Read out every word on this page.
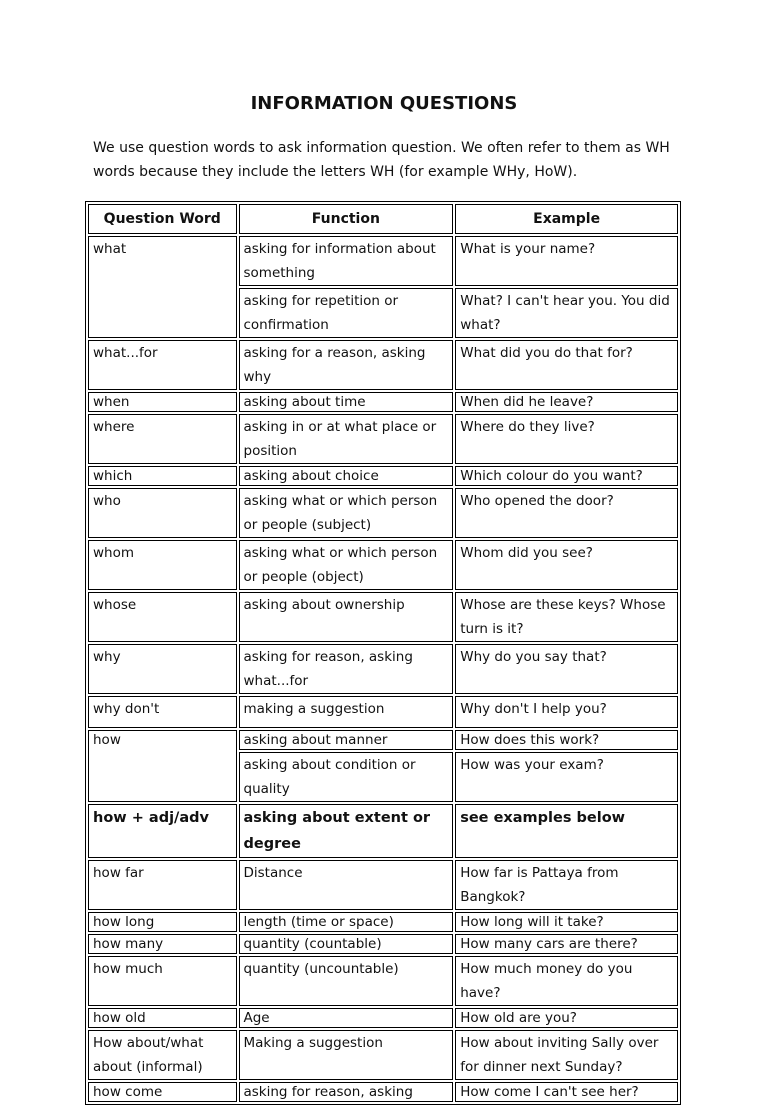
INFORMATION QUESTIONS

We use question words to ask information question. We often refer to them as WH words because they include the letters WH (for example WHy, HoW).

Question Word	Function	Example
what	asking for information about something	What is your name?
	asking for repetition or confirmation	What? I can't hear you. You did what?
what...for	asking for a reason, asking why	What did you do that for?
when	asking about time	When did he leave?
where	asking in or at what place or position	Where do they live?
which	asking about choice	Which colour do you want?
who	asking what or which person or people (subject)	Who opened the door?
whom	asking what or which person or people (object)	Whom did you see?
whose	asking about ownership	Whose are these keys? Whose turn is it?
why	asking for reason, asking what...for	Why do you say that?
why don't	making a suggestion	Why don't I help you?
how	asking about manner	How does this work?
	asking about condition or quality	How was your exam?
how + adj/adv	asking about extent or degree	see examples below
how far	Distance	How far is Pattaya from Bangkok?
how long	length (time or space)	How long will it take?
how many	quantity (countable)	How many cars are there?
how much	quantity (uncountable)	How much money do you have?
how old	Age	How old are you?
How about/what about (informal)	Making a suggestion	How about inviting Sally over for dinner next Sunday?
how come	asking for reason, asking	How come I can't see her?
